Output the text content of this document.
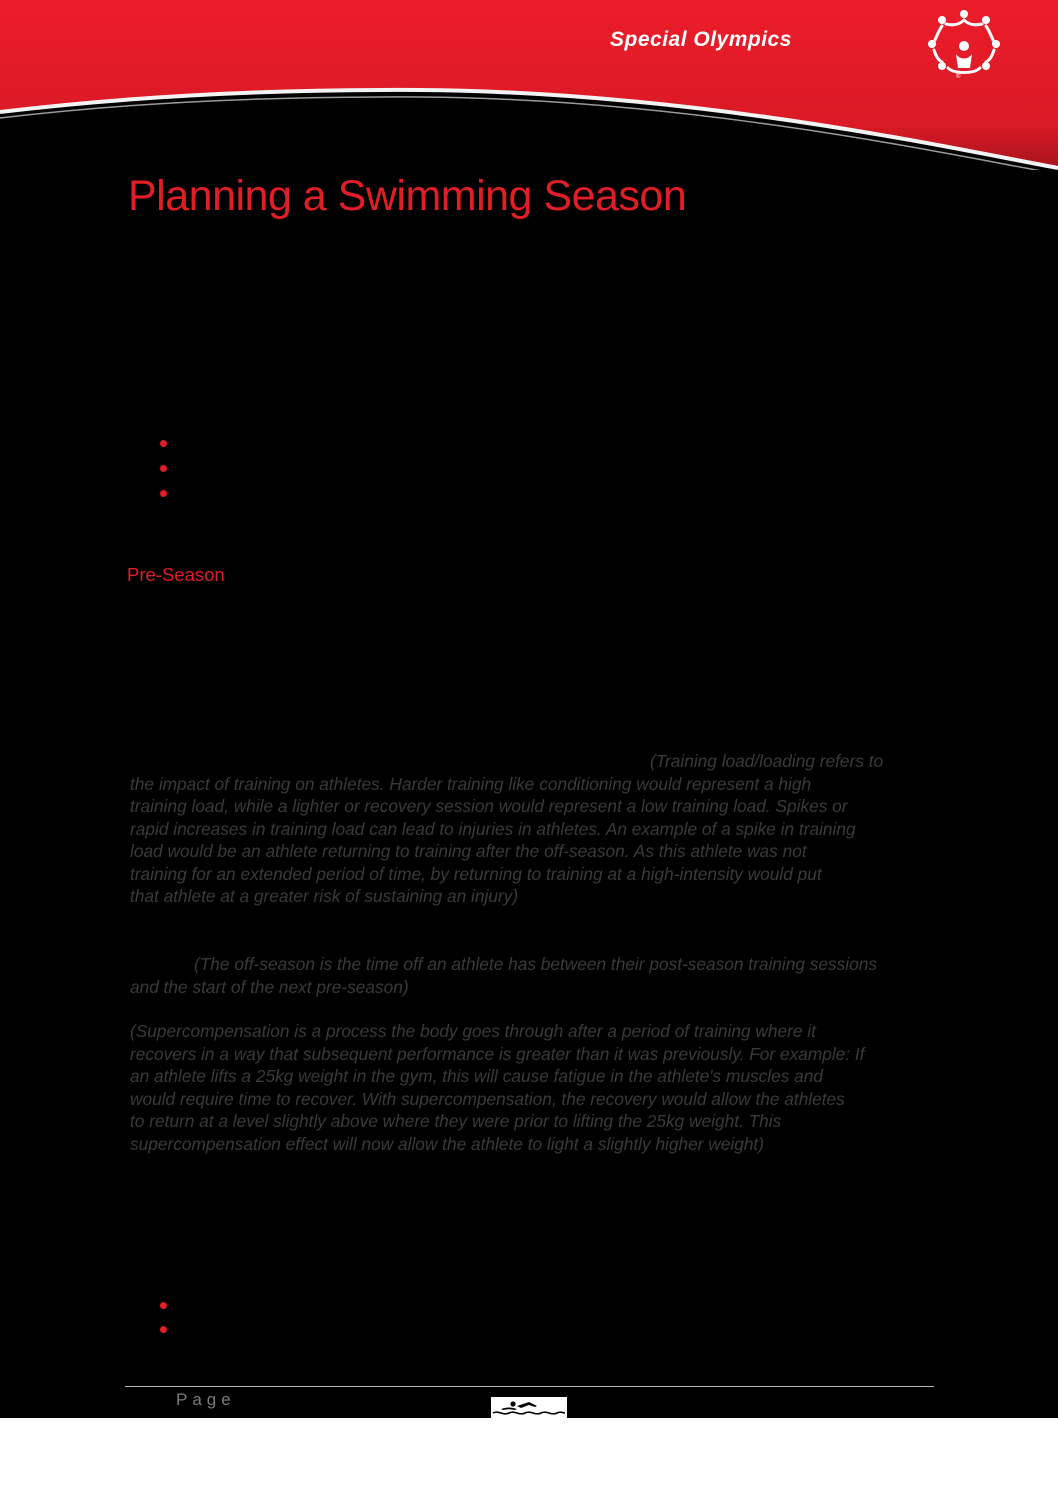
Special Olympics
®
Planning a Swimming Season
Pre-Season
(Training load/loading refers to
the impact of training on athletes. Harder training like conditioning would represent a high
training load, while a lighter or recovery session would represent a low training load. Spikes or
rapid increases in training load can lead to injuries in athletes. An example of a spike in training
load would be an athlete returning to training after the off-season. As this athlete was not
training for an extended period of time, by returning to training at a high-intensity would put
that athlete at a greater risk of sustaining an injury)
(The off-season is the time off an athlete has between their post-season training sessions
and the start of the next pre-season)
(Supercompensation is a process the body goes through after a period of training where it
recovers in a way that subsequent performance is greater than it was previously. For example: If
an athlete lifts a 25kg weight in the gym, this will cause fatigue in the athlete's muscles and
would require time to recover. With supercompensation, the recovery would allow the athletes
to return at a level slightly above where they were prior to lifting the 25kg weight. This
supercompensation effect will now allow the athlete to light a slightly higher weight)
Page
